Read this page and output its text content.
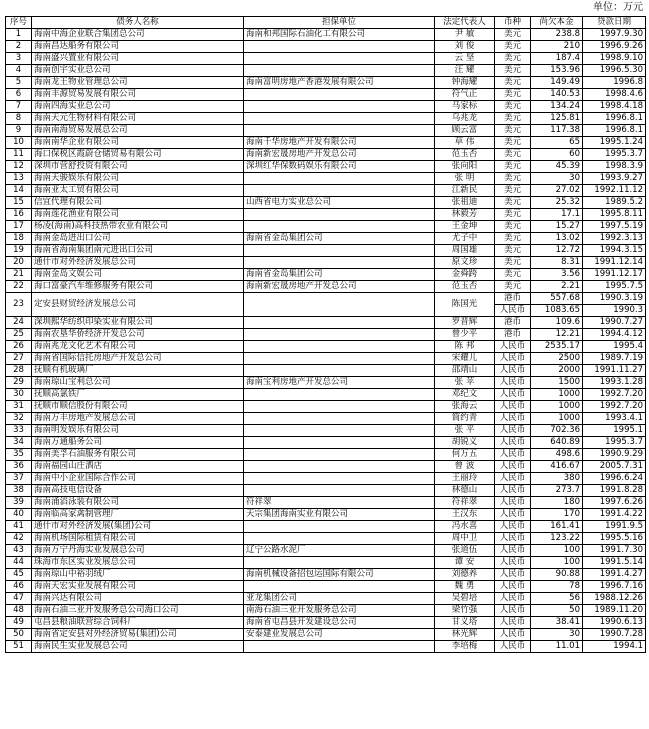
单位：万元
序号	债务人名称	担保单位	法定代表人	币种	尚欠本金	贷款日期
1	海南中海企业联合集团总公司	海南和邦国际石油化工有限公司	尹 敏	美元	238.8	1997.9.30
2	海南昌达船务有限公司		刘 俊	美元	210	1996.9.26
3	海南盛兴置业有限公司		云 坚	美元	187.4	1998.9.10
4	海南创宇实业总公司		汪 耀	美元	153.96	1996.5.30
5	海南龙王物业管理总公司	海南富明房地产香港发展有限公司	钟海耀	美元	149.49	1996.8
6	海南丰源贸易发展有限公司		符气正	美元	140.53	1998.4.6
7	海南四海实业总公司		马家标	美元	134.24	1998.4.18
8	海南天元生物材料有限公司		乌兆龙	美元	125.81	1996.8.1
9	海南南海贸易发展总公司		顾云富	美元	117.38	1996.8.1
10	海南南华企业有限公司	海南千华房地产开发有限公司	草 伟	美元	65	1995.1.24
11	海口保税区霞蔚仓储贸易有限公司	海南新宏晟房地产开发总公司	范玉否	美元	60	1995.3.7
12	深圳市营舒投资有限公司	深圳红华保数码娱乐有限公司	张向阳	美元	45.39	1998.3.9
13	海南天骏娱乐有限公司		张 明	美元	30	1993.9.27
14	海南亚太工贸有限公司		江新民	美元	27.02	1992.11.12
15	信宜代理有限公司	山西省电力实业总公司	张祖迪	美元	25.32	1989.5.2
16	海南莲花渔业有限公司		林毅芳	美元	17.1	1995.8.11
17	杨凌(海南)高科技热带农业有限公司		王金坤	美元	15.27	1997.5.19
18	海南金岛进出口公司	海南省金岛集团公司	尤子中	美元	13.02	1992.3.13
19	海南省海南集团南元进出口公司		周国雄	美元	12.72	1994.3.15
20	通什市对外经济发展总公司		原文珍	美元	8.31	1991.12.14
21	海南金岛文娱公司	海南省金岛集团公司	金舜跨	美元	3.56	1991.12.17
22	海口富豪汽车维修服务有限公司	海南新宏晟房地产开发总公司	范玉否	美元	2.21	1995.7.5
23	定安县财贸经济发展总公司		陈国光	港币	557.68	1990.3.19
				人民币	1083.65	1990.3
24	深圳熙华纺织印染实业有限公司		罗晋辉	港币	109.6	1990.7.27
25	海南农垦华侨经济开发总公司		曾少平	港币	12.21	1994.4.12
26	海南兆龙文化艺术有限公司		陈 邦	人民币	2535.17	1995.4
27	海南省国际信托房地产开发总公司		宋耀儿	人民币	2500	1989.7.19
28	抚顺有机玻璃厂		邵靖山	人民币	2000	1991.11.27
29	海南琼山宝利总公司	海南宝利房地产开发总公司	张 苹	人民币	1500	1993.1.28
30	抚顺高氯铁厂		邓纪文	人民币	1000	1992.7.20
31	抚顺市顺信股份有限公司		张海云	人民币	1000	1992.7.20
32	海南万丰房地产发展总公司		简约青	人民币	1000	1993.4.1
33	海南明发娱乐有限公司		张 平	人民币	702.36	1995.1
34	海南万通船务公司		胡锐义	人民币	640.89	1995.3.7
35	海南美孚石油服务有限公司		何万五	人民币	498.6	1990.9.29
36	海南福园山庄酒店		曾 波	人民币	416.67	2005.7.31
37	海南中小企业国际合作公司		王丽玲	人民币	380	1996.6.24
38	海南高技电信设备		林德山	人民币	273.7	1991.8.28
39	海南涌滔泳装有限公司	符祥翠	符祥翠	人民币	180	1997.6.26
40	海南临高家禽制管理厂	天宗集团海南实业有限公司	王汉东	人民币	170	1991.4.22
41	通什市对外经济发展(集团)公司		冯水喜	人民币	161.41	1991.9.5
42	海南机场国际租赁有限公司		周中卫	人民币	123.22	1995.5.16
43	海南万宁丹海实业发展总公司	辽宁公路水泥厂	张道伍	人民币	100	1991.7.30
44	珠海市东区实业发展总公司		谭 安	人民币	100	1991.5.14
45	海南琼山中裕羽绒厂	海南机械设备招包运国际有限公司	刘德养	人民币	90.88	1991.4.27
46	海南天宏实业发展有限公司		魏 勇	人民币	78	1996.7.16
47	海南兴达有限公司	亚龙集团公司	吴碧培	人民币	56	1988.12.26
48	海南石油三亚开发服务总公司海口公司	南海石油三亚开发服务总公司	梁竹强	人民币	50	1989.11.20
49	屯昌县粮油联营综合饲料厂	海南省屯昌县开发建设总公司	甘义塔	人民币	38.41	1990.6.13
50	海南省定安县对外经济贸易(集团)公司	安泰建业发展总公司	林光辉	人民币	30	1990.7.28
51	海南民生实业发展总公司		李培梅	人民币	11.01	1994.1
